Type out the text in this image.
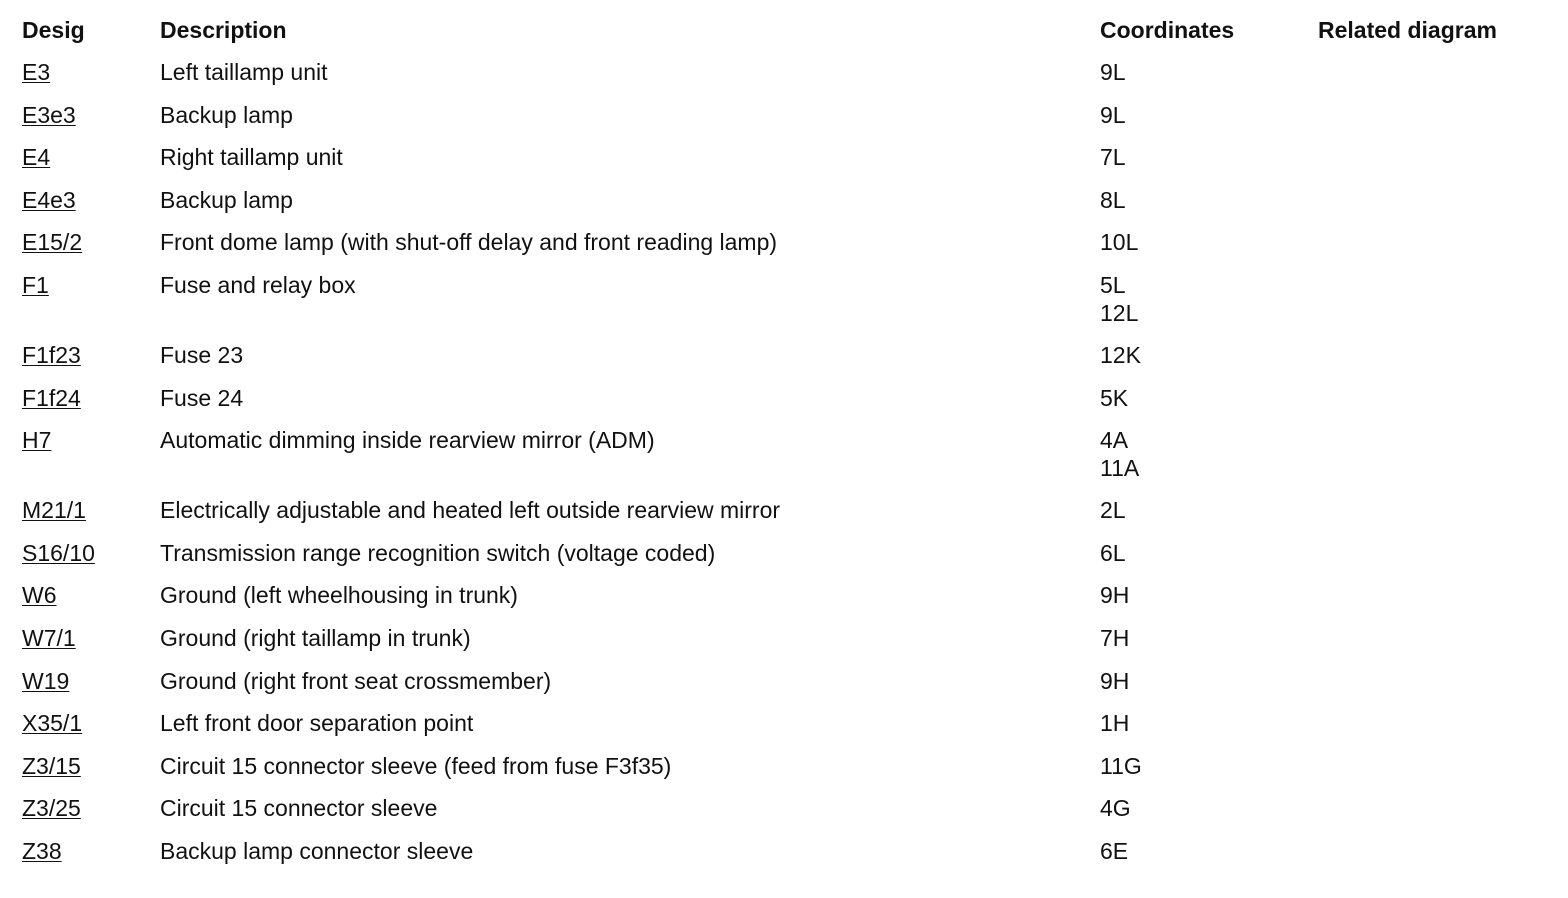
Desig	Description	Coordinates	Related diagram
E3	Left taillamp unit	9L
E3e3	Backup lamp	9L
E4	Right taillamp unit	7L
E4e3	Backup lamp	8L
E15/2	Front dome lamp (with shut-off delay and front reading lamp)	10L
F1	Fuse and relay box	5L
12L
F1f23	Fuse 23	12K
F1f24	Fuse 24	5K
H7	Automatic dimming inside rearview mirror (ADM)	4A
11A
M21/1	Electrically adjustable and heated left outside rearview mirror	2L
S16/10	Transmission range recognition switch (voltage coded)	6L
W6	Ground (left wheelhousing in trunk)	9H
W7/1	Ground (right taillamp in trunk)	7H
W19	Ground (right front seat crossmember)	9H
X35/1	Left front door separation point	1H
Z3/15	Circuit 15 connector sleeve (feed from fuse F3f35)	11G
Z3/25	Circuit 15 connector sleeve	4G
Z38	Backup lamp connector sleeve	6E
